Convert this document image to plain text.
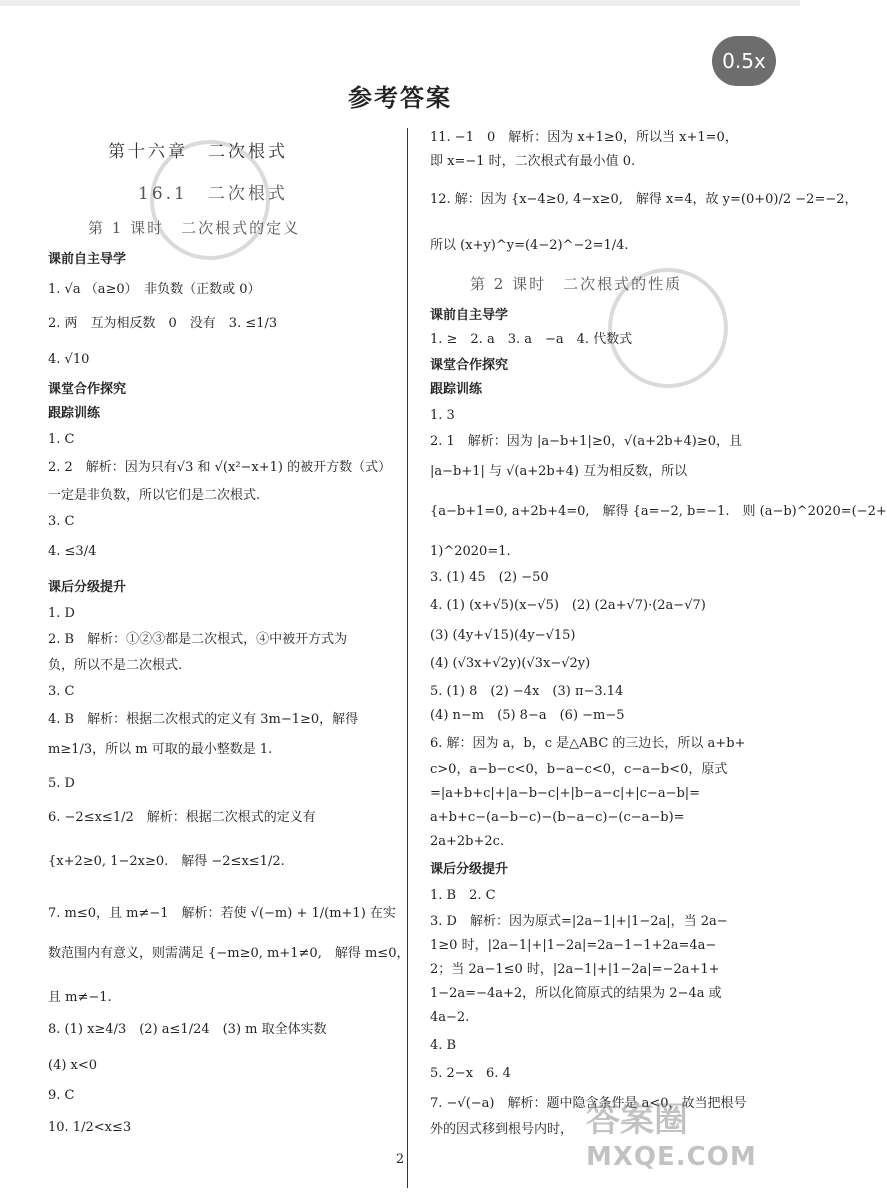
0.5x
参考答案
第十六章　二次根式
16.1　二次根式
第 1 课时　二次根式的定义
课前自主导学
1. √a （a≥0）　非负数（正数或 0）
2. 两　互为相反数　0　没有　3. ≤1/3
4. √10
课堂合作探究
跟踪训练
1. C
2. 2　解析：因为只有√3 和 √(x²−x+1) 的被开方数（式）
一定是非负数，所以它们是二次根式.
3. C
4. ≤3/4
课后分级提升
1. D
2. B　解析：①②③都是二次根式，④中被开方式为
负，所以不是二次根式.
3. C
4. B　解析：根据二次根式的定义有 3m−1≥0，解得
m≥1/3，所以 m 可取的最小整数是 1.
5. D
6. −2≤x≤1/2　解析：根据二次根式的定义有
{x+2≥0, 1−2x≥0.　解得 −2≤x≤1/2.
7. m≤0，且 m≠−1　解析：若使 √(−m) + 1/(m+1) 在实
数范围内有意义，则需满足 {−m≥0, m+1≠0,　解得 m≤0，
且 m≠−1.
8. (1) x≥4/3　(2) a≤1/24　(3) m 取全体实数
(4) x<0
9. C
10. 1/2<x≤3
11. −1　0　解析：因为 x+1≥0，所以当 x+1=0，
即 x=−1 时，二次根式有最小值 0.
12. 解：因为 {x−4≥0, 4−x≥0,　解得 x=4，故 y=(0+0)/2 −2=−2，
所以 (x+y)^y=(4−2)^−2=1/4.
第 2 课时　二次根式的性质
课前自主导学
1. ≥　2. a　3. a　−a　4. 代数式
课堂合作探究
跟踪训练
1. 3
2. 1　解析：因为 |a−b+1|≥0，√(a+2b+4)≥0，且
|a−b+1| 与 √(a+2b+4) 互为相反数，所以
{a−b+1=0, a+2b+4=0,　解得 {a=−2, b=−1.　则 (a−b)^2020=(−2+
1)^2020=1.
3. (1) 45　(2) −50
4. (1) (x+√5)(x−√5)　(2) (2a+√7)·(2a−√7)
(3) (4y+√15)(4y−√15)
(4) (√3x+√2y)(√3x−√2y)
5. (1) 8　(2) −4x　(3) π−3.14
(4) n−m　(5) 8−a　(6) −m−5
6. 解：因为 a，b，c 是△ABC 的三边长，所以 a+b+
c>0，a−b−c<0，b−a−c<0，c−a−b<0，原式
=|a+b+c|+|a−b−c|+|b−a−c|+|c−a−b|=
a+b+c−(a−b−c)−(b−a−c)−(c−a−b)=
2a+2b+2c.
课后分级提升
1. B　2. C
3. D　解析：因为原式=|2a−1|+|1−2a|，当 2a−
1≥0 时，|2a−1|+|1−2a|=2a−1−1+2a=4a−
2；当 2a−1≤0 时，|2a−1|+|1−2a|=−2a+1+
1−2a=−4a+2，所以化简原式的结果为 2−4a 或
4a−2.
4. B
5. 2−x　6. 4
7. −√(−a)　解析：题中隐含条件是 a<0，故当把根号
外的因式移到根号内时，
2
答案圈
MXQE.COM
